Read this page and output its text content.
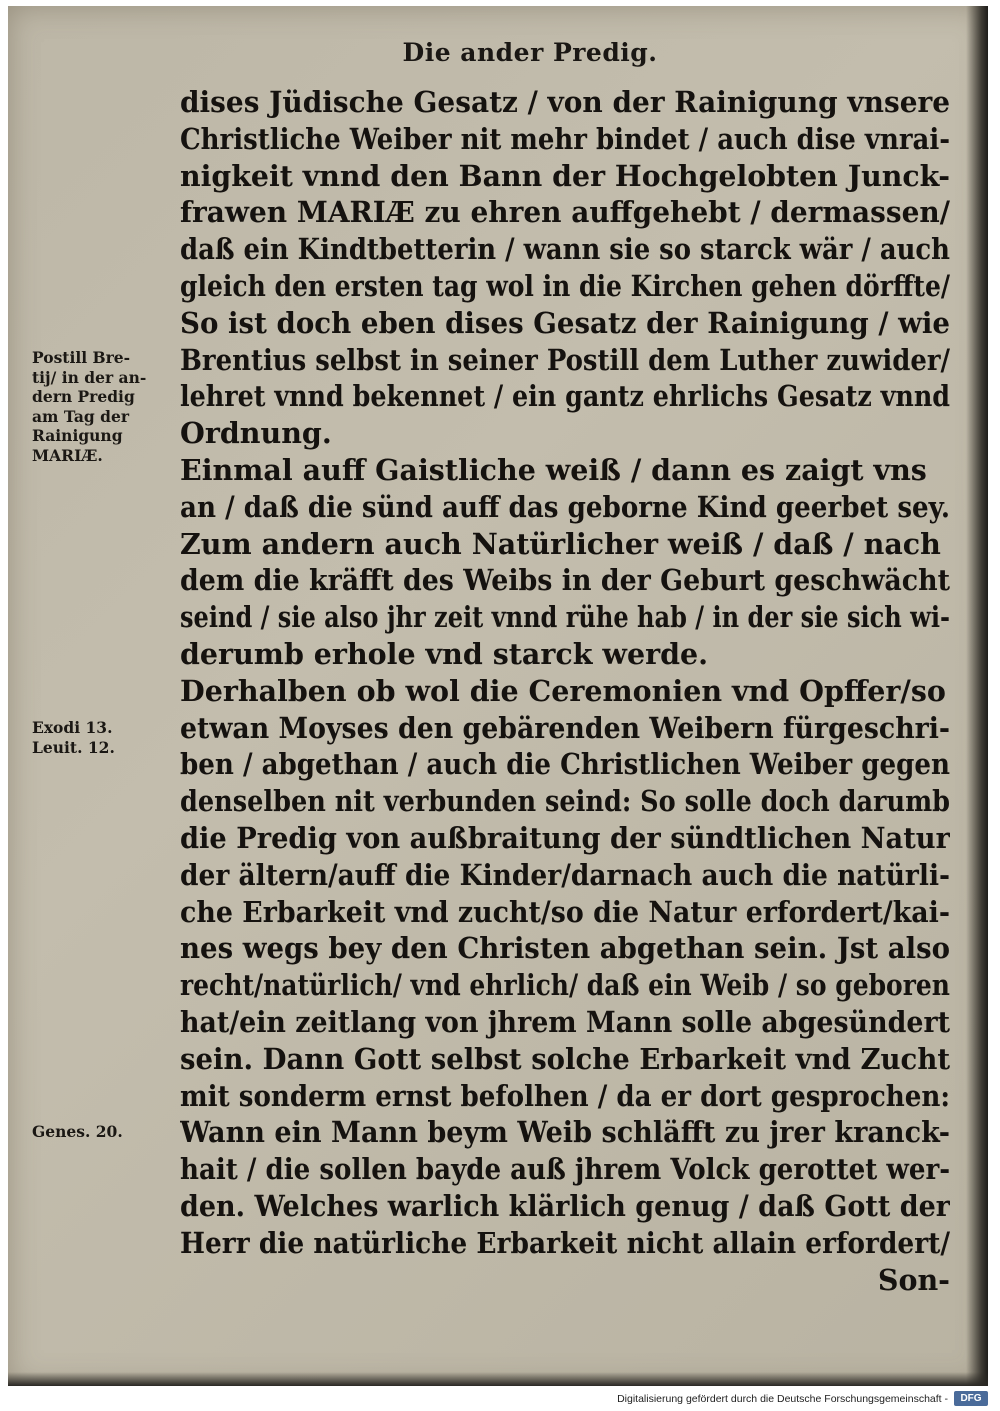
Die ander Predig.
dises Jüdische Gesatz / von der Rainigung vnsere
Christliche Weiber nit mehr bindet / auch dise vnrai-
nigkeit vnnd den Bann der Hochgelobten Junck-
frawen MARIÆ zu ehren auffgehebt / dermassen/
daß ein Kindtbetterin / wann sie so starck wär / auch
gleich den ersten tag wol in die Kirchen gehen dörffte/
So ist doch eben dises Gesatz der Rainigung / wie
Brentius selbst in seiner Postill dem Luther zuwider/
lehret vnnd bekennet / ein gantz ehrlichs Gesatz vnnd
Ordnung.
Einmal auff Gaistliche weiß / dann es zaigt vns
an / daß die sünd auff das geborne Kind geerbet sey.
Zum andern auch Natürlicher weiß / daß / nach
dem die kräfft des Weibs in der Geburt geschwächt
seind / sie also jhr zeit vnnd rühe hab / in der sie sich wi-
derumb erhole vnd starck werde.
Derhalben ob wol die Ceremonien vnd Opffer/so
etwan Moyses den gebärenden Weibern fürgeschri-
ben / abgethan / auch die Christlichen Weiber gegen
denselben nit verbunden seind: So solle doch darumb
die Predig von außbraitung der sündtlichen Natur
der ältern/auff die Kinder/darnach auch die natürli-
che Erbarkeit vnd zucht/so die Natur erfordert/kai-
nes wegs bey den Christen abgethan sein. Jst also
recht/natürlich/ vnd ehrlich/ daß ein Weib / so geboren
hat/ein zeitlang von jhrem Mann solle abgesündert
sein. Dann Gott selbst solche Erbarkeit vnd Zucht
mit sonderm ernst befolhen / da er dort gesprochen:
Wann ein Mann beym Weib schläfft zu jrer kranck-
hait / die sollen bayde auß jhrem Volck gerottet wer-
den. Welches warlich klärlich genug / daß Gott der
Herr die natürliche Erbarkeit nicht allain erfordert/
Son-
Postill Bre-
tij/ in der an-
dern Predig
am Tag der
Rainigung
MARIÆ.
Exodi 13.
Leuit. 12.
Genes. 20.
Digitalisierung gefördert durch die Deutsche Forschungsgemeinschaft -	DFG
